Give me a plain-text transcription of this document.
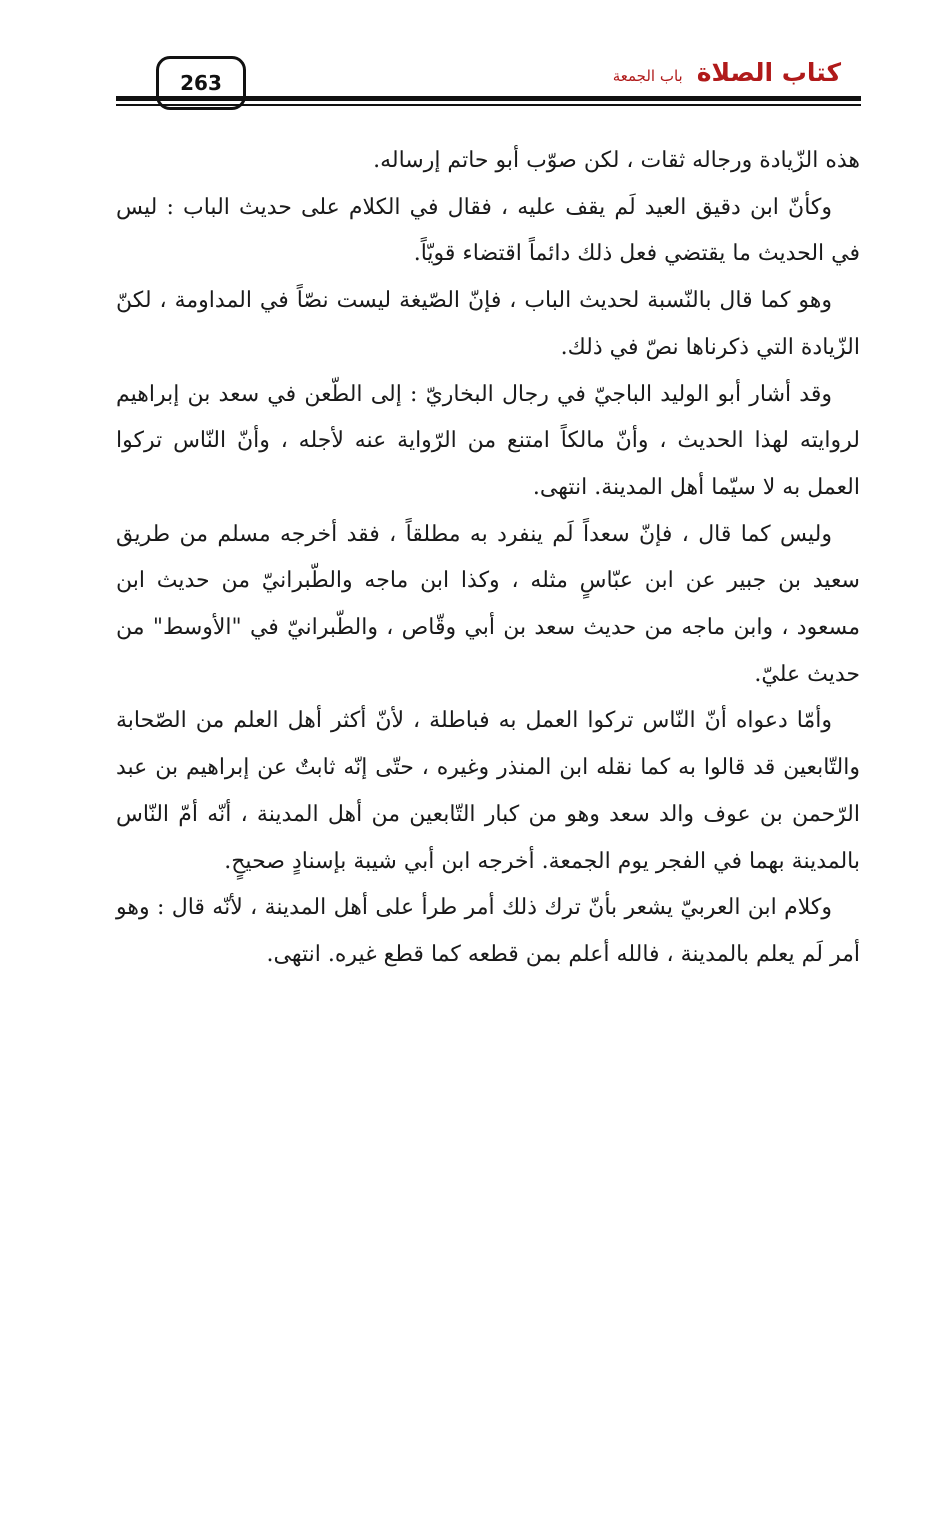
263	كتاب الصلاة
باب الجمعة

هذه الزّيادة ورجاله ثقات ، لكن صوّب أبو حاتم إرساله.

وكأنّ ابن دقيق العيد لَم يقف عليه ، فقال في الكلام على حديث الباب : ليس في الحديث ما يقتضي فعل ذلك دائماً اقتضاء قويّاً.

وهو كما قال بالنّسبة لحديث الباب ، فإنّ الصّيغة ليست نصّاً في المداومة ، لكنّ الزّيادة التي ذكرناها نصّ في ذلك.

وقد أشار أبو الوليد الباجيّ في رجال البخاريّ : إلى الطّعن في سعد بن إبراهيم لروايته لهذا الحديث ، وأنّ مالكاً امتنع من الرّواية عنه لأجله ، وأنّ النّاس تركوا العمل به لا سيّما أهل المدينة. انتهى.

وليس كما قال ، فإنّ سعداً لَم ينفرد به مطلقاً ، فقد أخرجه مسلم من طريق سعيد بن جبير عن ابن عبّاسٍ مثله ، وكذا ابن ماجه والطّبرانيّ من حديث ابن مسعود ، وابن ماجه من حديث سعد بن أبي وقّاص ، والطّبرانيّ في "الأوسط" من حديث عليّ.

وأمّا دعواه أنّ النّاس تركوا العمل به فباطلة ، لأنّ أكثر أهل العلم من الصّحابة والتّابعين قد قالوا به كما نقله ابن المنذر وغيره ، حتّى إنّه ثابتٌ عن إبراهيم بن عبد الرّحمن بن عوف والد سعد وهو من كبار التّابعين من أهل المدينة ، أنّه أمّ النّاس بالمدينة بهما في الفجر يوم الجمعة. أخرجه ابن أبي شيبة بإسنادٍ صحيحٍ.

وكلام ابن العربيّ يشعر بأنّ ترك ذلك أمر طرأ على أهل المدينة ، لأنّه قال : وهو أمر لَم يعلم بالمدينة ، فالله أعلم بمن قطعه كما قطع غيره. انتهى.
